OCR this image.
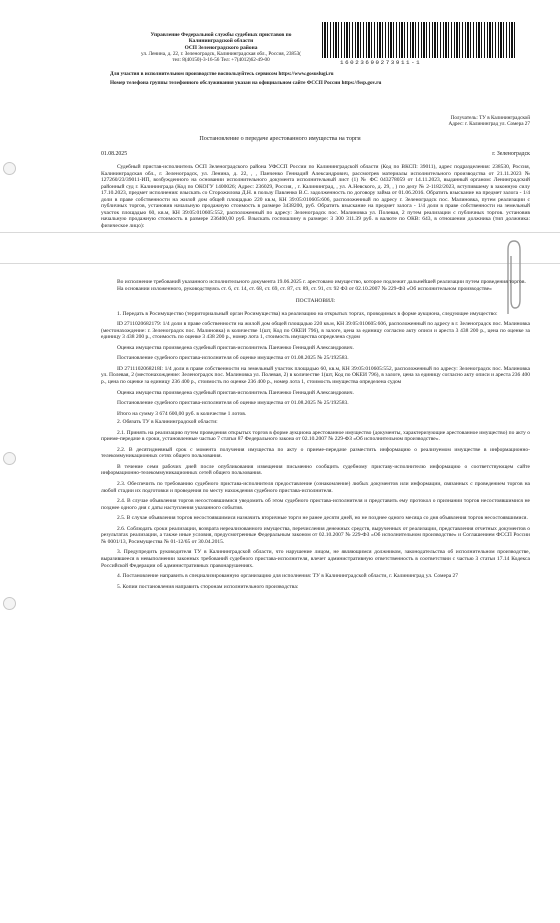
Управление Федеральной службы судебных приставов по
Калининградской области
ОСП Зеленоградского района
ул. Ленина, д. 22, г. Зеленоградск, Калининградская обл., Россия, 23853(
тел: 8(40150)-3-16-56 Тел: +7(4012)62-49-00	16023690273911-1
Для участия в исполнительном производстве воспользуйтесь сервисом https://www.gosuslugi.ru
Номер телефона группы телефонного обслуживания указан на официальном сайте ФССП России https://fssp.gov.ru
Получатель: ТУ в Калининградской
Адрес: г. Калининград ул. Сомера 27
Постановление о передаче арестованного имущества на торги
01.08.2025	г. Зеленоградск

Судебный пристав-исполнитель ОСП Зеленоградского района УФССП России по Калининградской области (Код по ВКСП: 39011), адрес подразделения: 238530, Россия, Калининградская обл., г. Зеленоградск, ул. Ленина, д. 22, , , Панченко Геннадий Александрович, рассмотрев материалы исполнительного производства от 21.11.2023 № 127260/23/39011-ИП, возбужденного на основании исполнительного документа исполнительный лист (1) № ФС 043278059 от 14.11.2023, выданный органом: Ленинградский районный суд г. Калининграда (Код по ОКОГУ 1400026; Адрес: 236029, Россия, , г. Калининград, , ул. А.Невского, д. 29, , ) по делу № 2-1182/2023, вступившему в законную силу 17.10.2023, предмет исполнения: взыскать со Сторожилова Д.Н. в пользу Павленко В.С. задолженность по договору займа от 01.06.2016. Обратить взыскание на предмет залога - 1/4 доли в праве собственности на жилой дом общей площадью 220 кв.м, КН 39:05:010605:606, расположенный по адресу г. Зеленоградск пос. Малиновка, путем реализации с публичных торгов, установив начальную продажную стоимость в размере 3438200, руб. Обратить взыскание на предмет залога - 1/4 доли в праве собственности на земельный участок площадью 60, кв.м, КН 39:05:010605:552, расположенный по адресу: Зеленоградск пос. Малиновка ул. Полевая, 2 путем реализации с публичных торгов. установив начальную продажную стоимость в размере 236400,00 руб. Взыскать госпошлину в размере: 3 300 311.39 руб. в валюте по ОКВ: 643, в отношении должника (тип должника: физическое лицо):

Во исполнение требований указанного исполнительного документа 19.06.2025 г. арестовано имущество, которое подлежит дальнейшей реализации путем проведения торгов.

На основании изложенного, руководствуясь ст. 6, ст. 14, ст. 68, ст. 69, ст. 87, ст. 89, ст. 91, ст. 92 ФЗ от 02.10.2007 № 229-ФЗ «Об исполнительном производстве»

ПОСТАНОВИЛ:

1. Передать в Росимущество (территориальный орган Росимущества) на реализацию на открытых торгах, проводимых в форме аукциона, следующее имущество:

ID 2711020682179: 1/4 доли в праве собственности на жилой дом общей площадью 220 кв.м, КН 39:05:010605:606, расположенный по адресу в г. Зеленоградск пос. Малиновка (местонахождение: г. Зеленоградск пос. Малиновка) в количестве 1(шт, Код по ОКЕИ 796), в залоге, цена за единицу согласно акту описи и ареста 3 438 200 р., цена по оценке за единицу 3 438 200 р., стоимость по оценке 3 438 200 р., номер лота 1, стоимость имущества определена судом

Оценка имущества произведена судебный пристав-исполнитель Панченко Геннадий Александрович.

Постановление судебного пристава-исполнителя об оценке имущества от 01.08.2025 № 25/192583.

ID 2711102068218I: 1/4 доли в праве собственности на земельный участок площадью 60, кв.м, КН 39:05:010605:552, расположенный по адресу: Зеленоградск пос. Малиновка ул. Полевая, 2 (местонахождение: Зеленоградск пос. Малиновка ул. Полевая, 2) в количестве 1(шт, Код по ОКЕИ 796), в залоге, цена за единицу согласно акту описи и ареста 236 400 р., цена по оценке за единицу 236 400 р., стоимость по оценке 236 400 р., номер лота 1, стоимость имущества определена судом

Оценка имущества произведена судебный пристав-исполнитель Панченко Геннадий Александрович.

Постановление судебного пристава-исполнителя об оценке имущества от 01.08.2025 № 25/192583.

Итого на сумму 3 674 600,00 руб. в количестве 1 лотов.

2. Обязать ТУ в Калининградской области:

2.1. Принять на реализацию путем проведения открытых торгов в форме аукциона арестованное имущество (документы, характеризующие арестованное имущество) по акту о приеме-передаче в сроки, установленные частью 7 статьи 87 Федерального закона от 02.10.2007 № 229-ФЗ «Об исполнительном производстве».

2.2. В десятидневный срок с момента получения имущества по акту о приеме-передаче разместить информацию о реализуемом имуществе в информационно-телекоммуникационных сетях общего пользования.

В течение семи рабочих дней после опубликования извещения письменно сообщить судебному приставу-исполнителю информацию о соответствующем сайте информационно-телекоммуникационных сетей общего пользования.

2.3. Обеспечить по требованию судебного пристава-исполнителя предоставление (ознакомление) любых документов или информации, связанных с проведением торгов на любой стадии их подготовки и проведения по месту нахождения судебного пристава-исполнителя.

2.4. В случае объявления торгов несостоявшимися уведомить об этом судебного пристава-исполнителя и представить ему протокол о признании торгов несостоявшимися не позднее одного дня с даты наступления указанного события.

2.5. В случае объявления торгов несостоявшимися назначить вторичные торги не ранее десяти дней, но не позднее одного месяца со дня объявления торгов несостоявшимися.

2.6. Соблюдать сроки реализации, возврата нереализованного имущества, перечисления денежных средств, вырученных от реализации, представления отчетных документов о результатах реализации, а также иные условия, предусмотренные Федеральным законом от 02.10.2007 № 229-ФЗ «Об исполнительном производстве» и Соглашением ФССП России № 0001/13, Росимущества № 01-12/65 от 30.04.2015.

3. Предупредить руководителя ТУ в Калининградской области, что нарушение лицом, не являющимся должником, законодательства об исполнительном производстве, выразившееся в невыполнении законных требований судебного пристава-исполнителя, влечет административную ответственность в соответствии с частью 3 статьи 17.14 Кодекса Российской Федерации об административных правонарушениях.

4. Постановление направить в специализированную организацию для исполнения: ТУ в Калининградской области, г. Калининград ул. Сомера 27

5. Копии постановления направить сторонам исполнительного производства:
